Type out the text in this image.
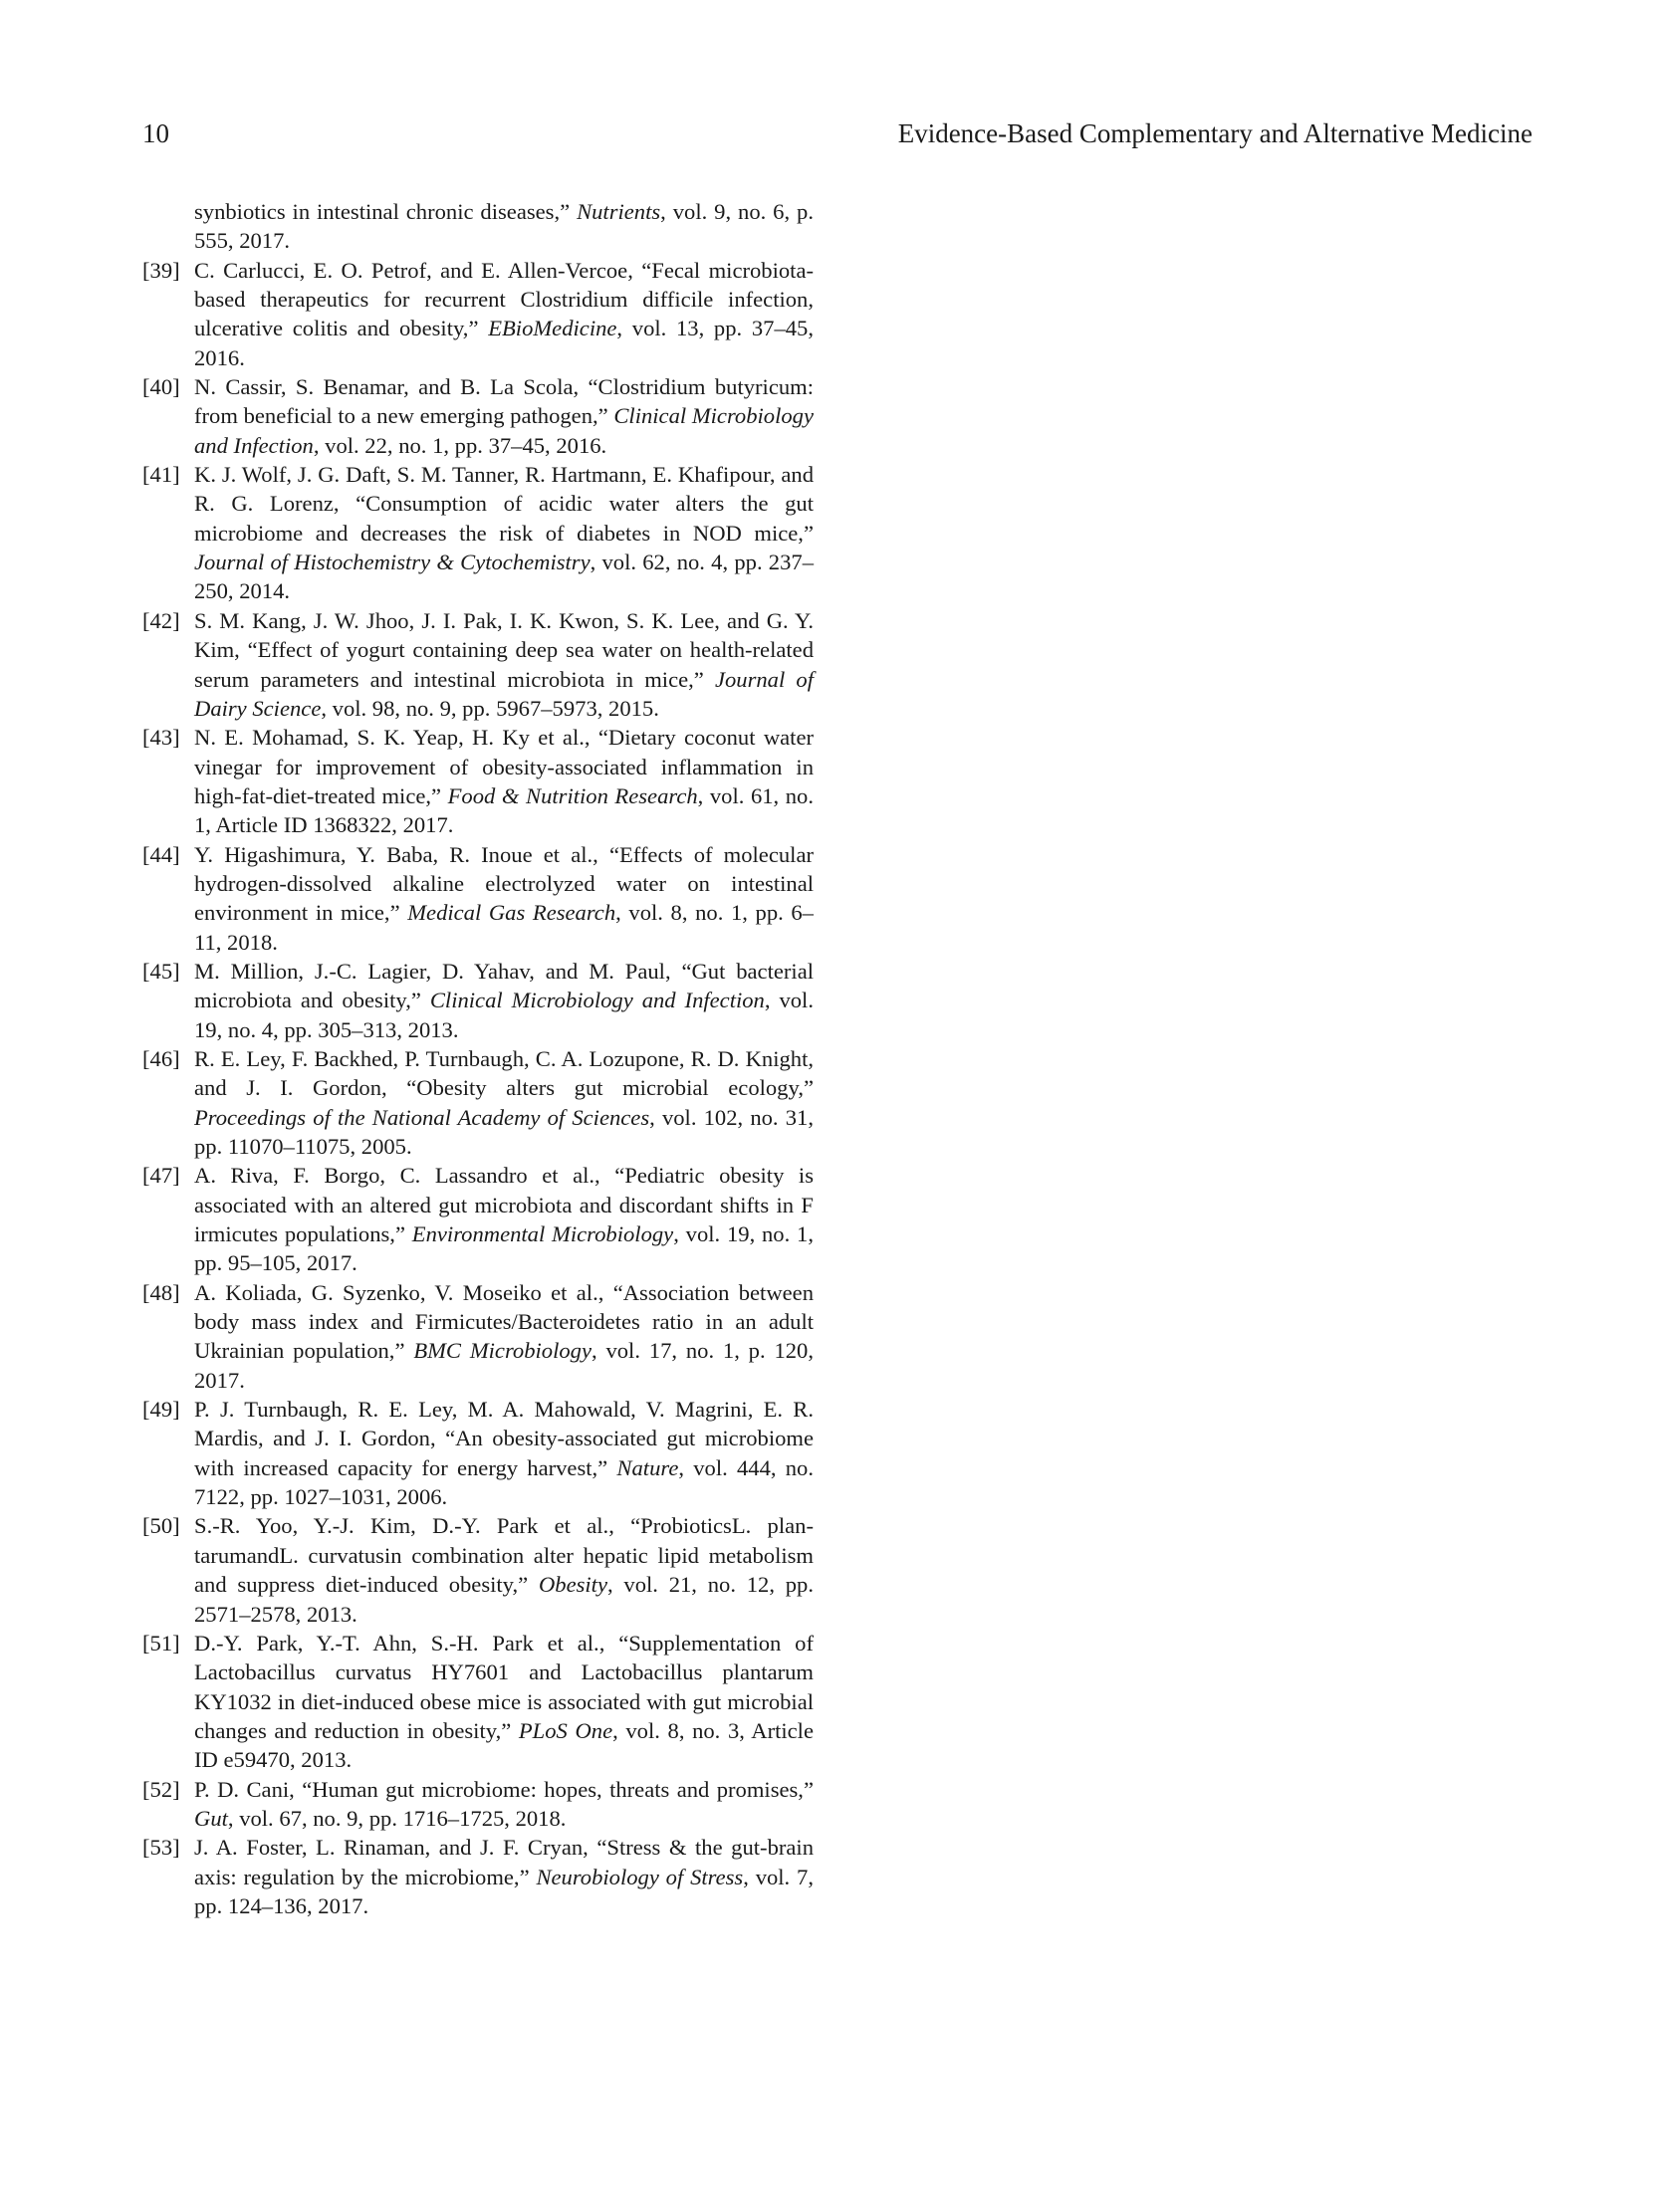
10	Evidence-Based Complementary and Alternative Medicine
synbiotics in intestinal chronic diseases,” Nutrients, vol. 9, no. 6, p. 555, 2017.
[39] C. Carlucci, E. O. Petrof, and E. Allen-Vercoe, “Fecal microbiota-based therapeutics for recurrent Clostridium difficile infection, ulcerative colitis and obesity,” EBioMedicine, vol. 13, pp. 37–45, 2016.
[40] N. Cassir, S. Benamar, and B. La Scola, “Clostridium butyricum: from beneficial to a new emerging pathogen,” Clinical Microbiology and Infection, vol. 22, no. 1, pp. 37–45, 2016.
[41] K. J. Wolf, J. G. Daft, S. M. Tanner, R. Hartmann, E. Khafipour, and R. G. Lorenz, “Consumption of acidic water alters the gut microbiome and decreases the risk of diabetes in NOD mice,” Journal of Histochemistry & Cytochemistry, vol. 62, no. 4, pp. 237–250, 2014.
[42] S. M. Kang, J. W. Jhoo, J. I. Pak, I. K. Kwon, S. K. Lee, and G. Y. Kim, “Effect of yogurt containing deep sea water on health-related serum parameters and intestinal microbiota in mice,” Journal of Dairy Science, vol. 98, no. 9, pp. 5967–5973, 2015.
[43] N. E. Mohamad, S. K. Yeap, H. Ky et al., “Dietary coconut water vinegar for improvement of obesity-associated inflammation in high-fat-diet-treated mice,” Food & Nutrition Research, vol. 61, no. 1, Article ID 1368322, 2017.
[44] Y. Higashimura, Y. Baba, R. Inoue et al., “Effects of molecular hydrogen-dissolved alkaline electrolyzed water on intestinal environment in mice,” Medical Gas Research, vol. 8, no. 1, pp. 6–11, 2018.
[45] M. Million, J.-C. Lagier, D. Yahav, and M. Paul, “Gut bacterial microbiota and obesity,” Clinical Microbiology and Infection, vol. 19, no. 4, pp. 305–313, 2013.
[46] R. E. Ley, F. Backhed, P. Turnbaugh, C. A. Lozupone, R. D. Knight, and J. I. Gordon, “Obesity alters gut microbial ecology,” Proceedings of the National Academy of Sciences, vol. 102, no. 31, pp. 11070–11075, 2005.
[47] A. Riva, F. Borgo, C. Lassandro et al., “Pediatric obesity is associated with an altered gut microbiota and discordant shifts in F irmicutes populations,” Environmental Microbiology, vol. 19, no. 1, pp. 95–105, 2017.
[48] A. Koliada, G. Syzenko, V. Moseiko et al., “Association between body mass index and Firmicutes/Bacteroidetes ratio in an adult Ukrainian population,” BMC Microbiology, vol. 17, no. 1, p. 120, 2017.
[49] P. J. Turnbaugh, R. E. Ley, M. A. Mahowald, V. Magrini, E. R. Mardis, and J. I. Gordon, “An obesity-associated gut microbiome with increased capacity for energy harvest,” Nature, vol. 444, no. 7122, pp. 1027–1031, 2006.
[50] S.-R. Yoo, Y.-J. Kim, D.-Y. Park et al., “ProbioticsL. plantarumandL. curvatusin combination alter hepatic lipid metabolism and suppress diet-induced obesity,” Obesity, vol. 21, no. 12, pp. 2571–2578, 2013.
[51] D.-Y. Park, Y.-T. Ahn, S.-H. Park et al., “Supplementation of Lactobacillus curvatus HY7601 and Lactobacillus plantarum KY1032 in diet-induced obese mice is associated with gut microbial changes and reduction in obesity,” PLoS One, vol. 8, no. 3, Article ID e59470, 2013.
[52] P. D. Cani, “Human gut microbiome: hopes, threats and promises,” Gut, vol. 67, no. 9, pp. 1716–1725, 2018.
[53] J. A. Foster, L. Rinaman, and J. F. Cryan, “Stress & the gut-brain axis: regulation by the microbiome,” Neurobiology of Stress, vol. 7, pp. 124–136, 2017.
